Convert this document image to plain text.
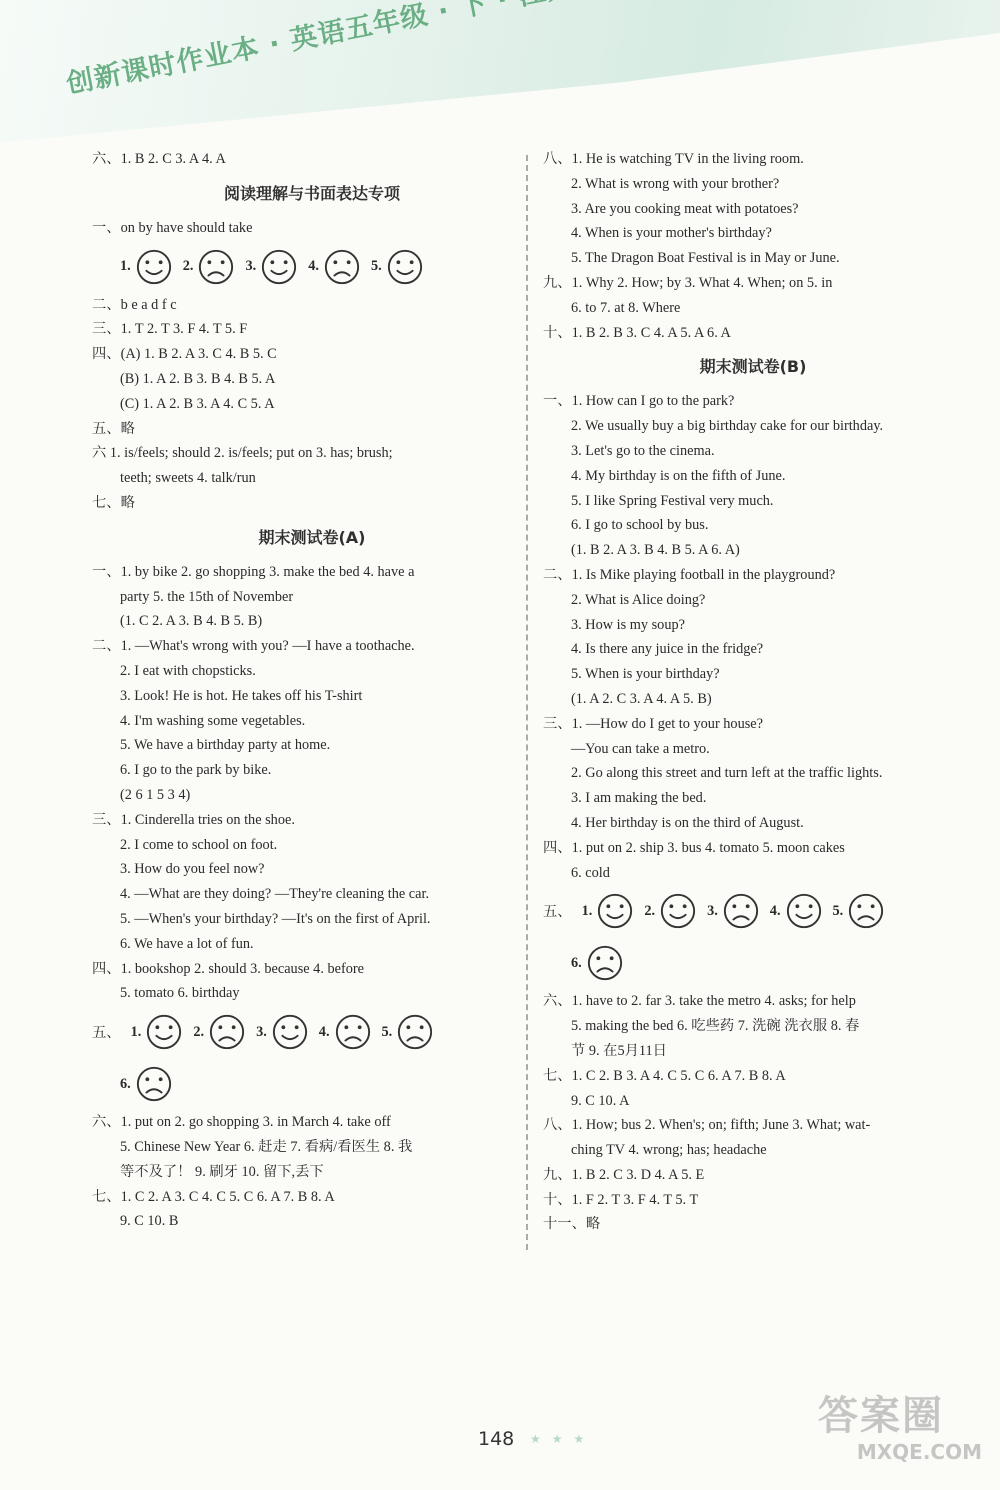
六、1. B 2. C 3. A 4. A
阅读理解与书面表达专项
一、on by have should take
1.	2.	3.	4.	5.
二、b e a d f c
三、1. T 2. T 3. F 4. T 5. F
四、(A) 1. B 2. A 3. C 4. B 5. C
(B) 1. A 2. B 3. B 4. B 5. A
(C) 1. A 2. B 3. A 4. C 5. A
五、略
六 1. is/feels; should 2. is/feels; put on 3. has; brush;
teeth; sweets 4. talk/run
七、略
期末测试卷(A)
一、1. by bike 2. go shopping 3. make the bed 4. have a
party 5. the 15th of November
(1. C 2. A 3. B 4. B 5. B)
二、1. —What's wrong with you? —I have a toothache.
2. I eat with chopsticks.
3. Look! He is hot. He takes off his T-shirt
4. I'm washing some vegetables.
5. We have a birthday party at home.
6. I go to the park by bike.
(2 6 1 5 3 4)
三、1. Cinderella tries on the shoe.
2. I come to school on foot.
3. How do you feel now?
4. —What are they doing? —They're cleaning the car.
5. —When's your birthday? —It's on the first of April.
6. We have a lot of fun.
四、1. bookshop 2. should 3. because 4. before
5. tomato 6. birthday
五、 1.	2.	3.	4.	5.
6.
六、1. put on 2. go shopping 3. in March 4. take off
5. Chinese New Year 6. 赶走 7. 看病/看医生 8. 我
等不及了！ 9. 刷牙 10. 留下,丢下
七、1. C 2. A 3. C 4. C 5. C 6. A 7. B 8. A
9. C 10. B
八、1. He is watching TV in the living room.
2. What is wrong with your brother?
3. Are you cooking meat with potatoes?
4. When is your mother's birthday?
5. The Dragon Boat Festival is in May or June.
九、1. Why 2. How; by 3. What 4. When; on 5. in
6. to 7. at 8. Where
十、1. B 2. B 3. C 4. A 5. A 6. A
期末测试卷(B)
一、1. How can I go to the park?
2. We usually buy a big birthday cake for our birthday.
3. Let's go to the cinema.
4. My birthday is on the fifth of June.
5. I like Spring Festival very much.
6. I go to school by bus.
(1. B 2. A 3. B 4. B 5. A 6. A)
二、1. Is Mike playing football in the playground?
2. What is Alice doing?
3. How is my soup?
4. Is there any juice in the fridge?
5. When is your birthday?
(1. A 2. C 3. A 4. A 5. B)
三、1. —How do I get to your house?
—You can take a metro.
2. Go along this street and turn left at the traffic lights.
3. I am making the bed.
4. Her birthday is on the third of August.
四、1. put on 2. ship 3. bus 4. tomato 5. moon cakes
6. cold
五、 1.	2.	3.	4.	5.
6.
六、1. have to 2. far 3. take the metro 4. asks; for help
5. making the bed 6. 吃些药 7. 洗碗 洗衣服 8. 春
节 9. 在5月11日
七、1. C 2. B 3. A 4. C 5. C 6. A 7. B 8. A
9. C 10. A
八、1. How; bus 2. When's; on; fifth; June 3. What; wat-
ching TV 4. wrong; has; headache
九、1. B 2. C 3. D 4. A 5. E
十、1. F 2. T 3. F 4. T 5. T
十一、略
148 ★ ★ ★	答案圈
MXQE.COM
